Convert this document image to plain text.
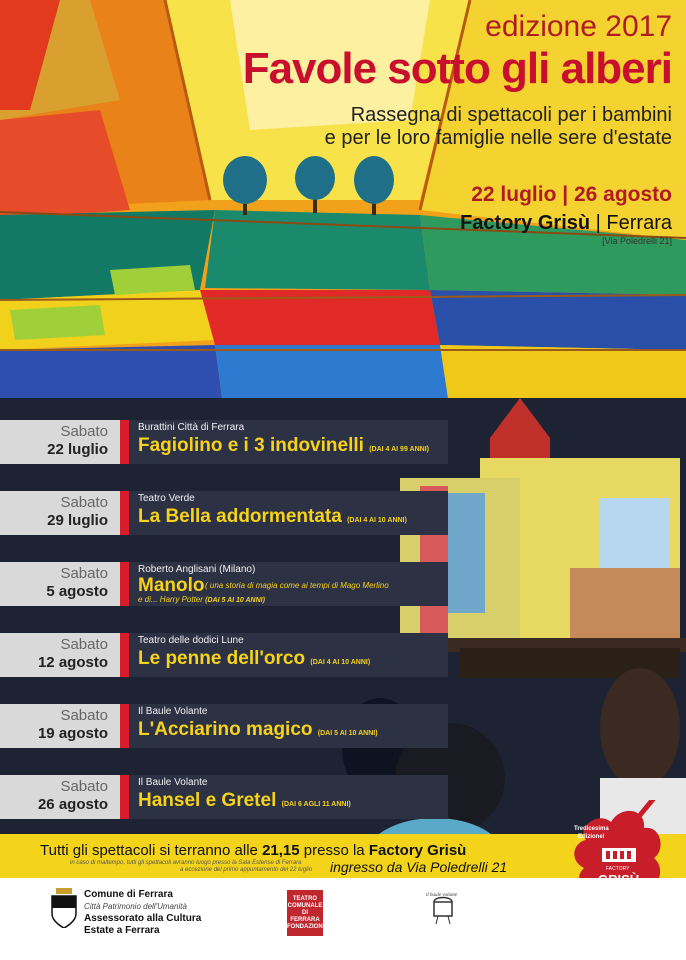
edizione 2017
Favole sotto gli alberi
Rassegna di spettacoli per i bambini
e per le loro famiglie nelle sere d'estate
22 luglio | 26 agosto
Factory Grisù | Ferrara
[Via Poledrelli 21]
Sabato
22 luglio
Burattini Città di Ferrara
Fagiolino e i 3 indovinelli (DAI 4 AI 99 ANNI)
Sabato
29 luglio
Teatro Verde
La Bella addormentata (DAI 4 AI 10 ANNI)
Sabato
5 agosto
Roberto Anglisani (Milano)
Manolo ( una storia di magia come ai tempi di Mago Merlino
e di... Harry Potter (DAI 5 AI 10 ANNI)
Sabato
12 agosto
Teatro delle dodici Lune
Le penne dell'orco (DAI 4 AI 10 ANNI)
Sabato
19 agosto
Il Baule Volante
L'Acciarino magico (DAI 5 AI 10 ANNI)
Sabato
26 agosto
Il Baule Volante
Hansel e Gretel (DAI 6 AGLI 11 ANNI)
Tutti gli spettacoli si terranno alle 21,15 presso la Factory Grisù
in caso di maltempo, tutti gli spettacoli avranno luogo presso la Sala Estense di Ferrara
a eccezione del primo appuntamento del 22 luglio ingresso da Via Poledrelli 21
Tredicesima
Edizione!
FACTORY
Comune di Ferrara
Città Patrimonio dell'Umanità
Assessorato alla Cultura
Estate a Ferrara
TEATRO
COMUNALE
DI FERRARA
FONDAZIONE
il baule volante
